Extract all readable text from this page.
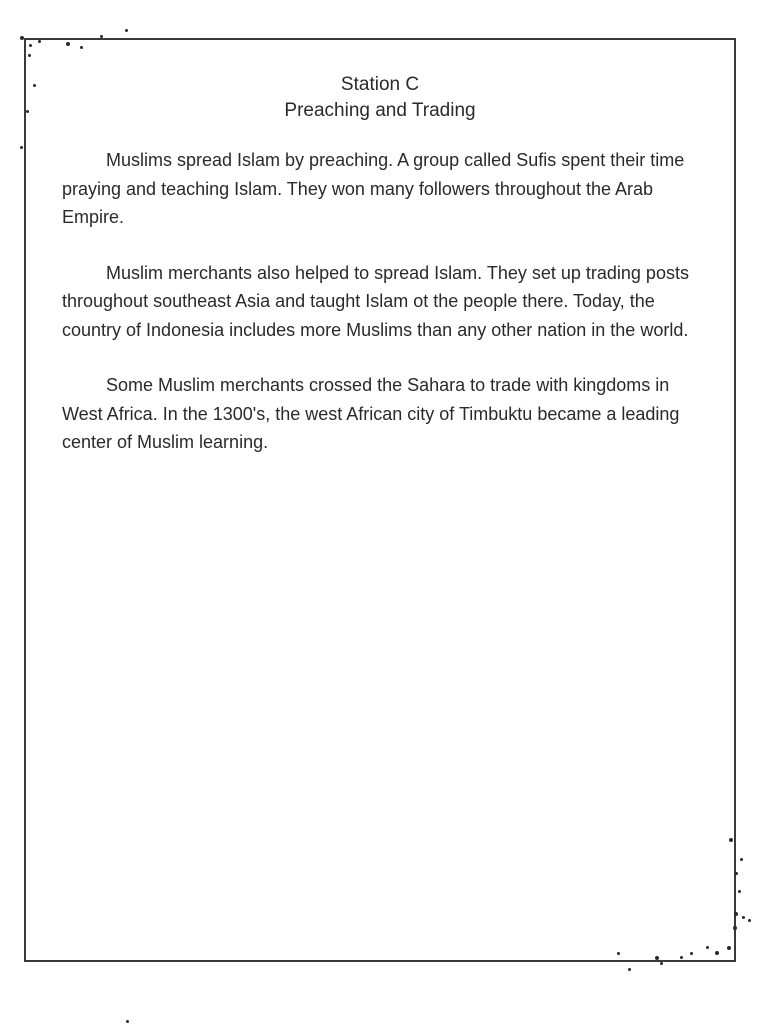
Station C
Preaching and Trading

Muslims spread Islam by preaching. A group called Sufis spent their time praying and teaching Islam. They won many followers throughout the Arab Empire.

Muslim merchants also helped to spread Islam. They set up trading posts throughout southeast Asia and taught Islam ot the people there. Today, the country of Indonesia includes more Muslims than any other nation in the world.

Some Muslim merchants crossed the Sahara to trade with kingdoms in West Africa. In the 1300's, the west African city of Timbuktu became a leading center of Muslim learning.
